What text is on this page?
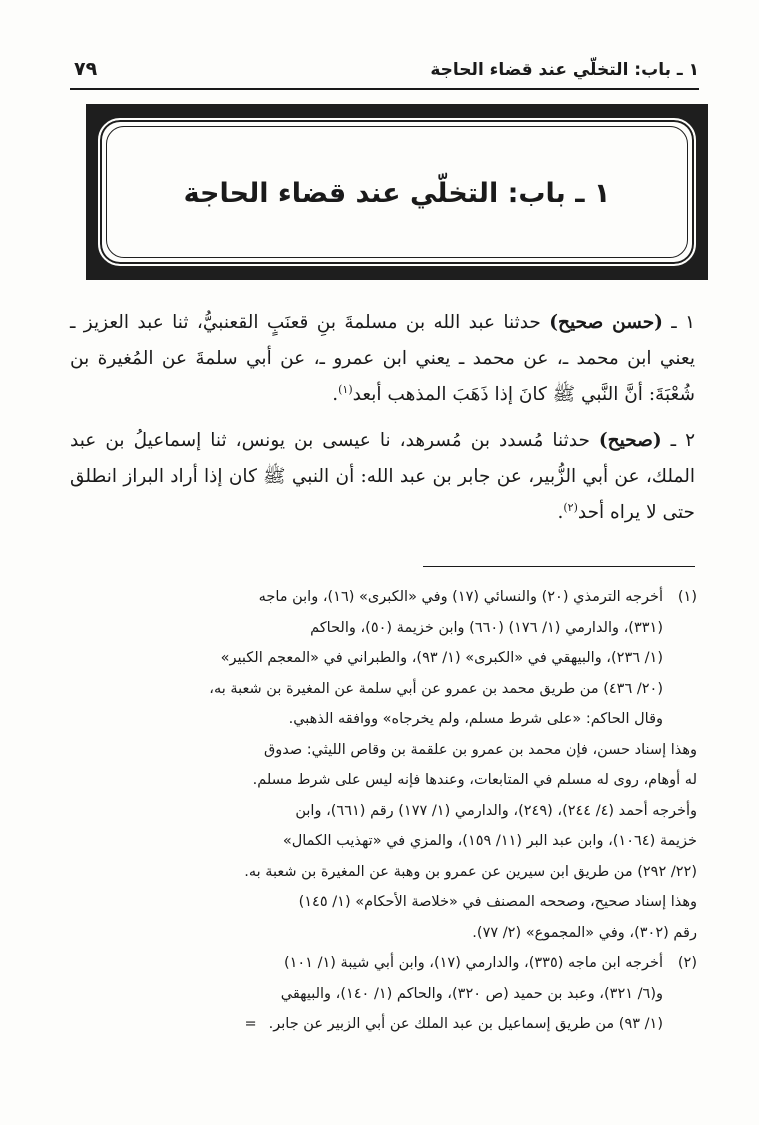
١ ـ باب: التخلّي عند قضاء الحاجة
٧٩
١ ـ باب: التخلّي عند قضاء الحاجة

١ ـ (حسن صحيح) حدثنا عبد الله بن مسلمةَ بنِ قعنَبٍ القعنبيُّ، ثنا عبد العزيز ـ يعني ابن محمد ـ، عن محمد ـ يعني ابن عمرو ـ، عن أبي سلمةَ عن المُغيرة بن شُعْبَةَ: أنَّ النَّبي ﷺ كانَ إذا ذَهَبَ المذهب أبعد$^{(١)}$.

٢ ـ (صحيح) حدثنا مُسدد بن مُسرهد، نا عيسى بن يونس، ثنا إسماعيلُ بن عبد الملك، عن أبي الزُّبير، عن جابر بن عبد الله: أن النبي ﷺ كان إذا أراد البراز انطلق حتى لا يراه أحد$^{(٢)}$.

(١)
أخرجه الترمذي (٢٠) والنسائي (١٧) وفي «الكبرى» (١٦)، وابن ماجه
(٣٣١)، والدارمي (١/ ١٧٦) (٦٦٠) وابن خزيمة (٥٠)، والحاكم
(١/ ٢٣٦)، والبيهقي في «الكبرى» (١/ ٩٣)، والطبراني في «المعجم الكبير»
(٢٠/ ٤٣٦) من طريق محمد بن عمرو عن أبي سلمة عن المغيرة بن شعبة به،
وقال الحاكم: «على شرط مسلم، ولم يخرجاه» ووافقه الذهبي.
وهذا إسناد حسن، فإن محمد بن عمرو بن علقمة بن وقاص الليثي: صدوق
له أوهام، روى له مسلم في المتابعات، وعندها فإنه ليس على شرط مسلم.
وأخرجه أحمد (٤/ ٢٤٤)، (٢٤٩)، والدارمي (١/ ١٧٧) رقم (٦٦١)، وابن
خزيمة (١٠٦٤)، وابن عبد البر (١١/ ١٥٩)، والمزي في «تهذيب الكمال»
(٢٢/ ٢٩٢) من طريق ابن سيرين عن عمرو بن وهبة عن المغيرة بن شعبة به.
وهذا إسناد صحيح، وصححه المصنف في «خلاصة الأحكام» (١/ ١٤٥)
رقم (٣٠٢)، وفي «المجموع» (٢/ ٧٧).
(٢)
أخرجه ابن ماجه (٣٣٥)، والدارمي (١٧)، وابن أبي شيبة (١/ ١٠١)
و(٦/ ٣٢١)، وعبد بن حميد (ص ٣٢٠)، والحاكم (١/ ١٤٠)، والبيهقي
(١/ ٩٣) من طريق إسماعيل بن عبد الملك عن أبي الزبير عن جابر.=
